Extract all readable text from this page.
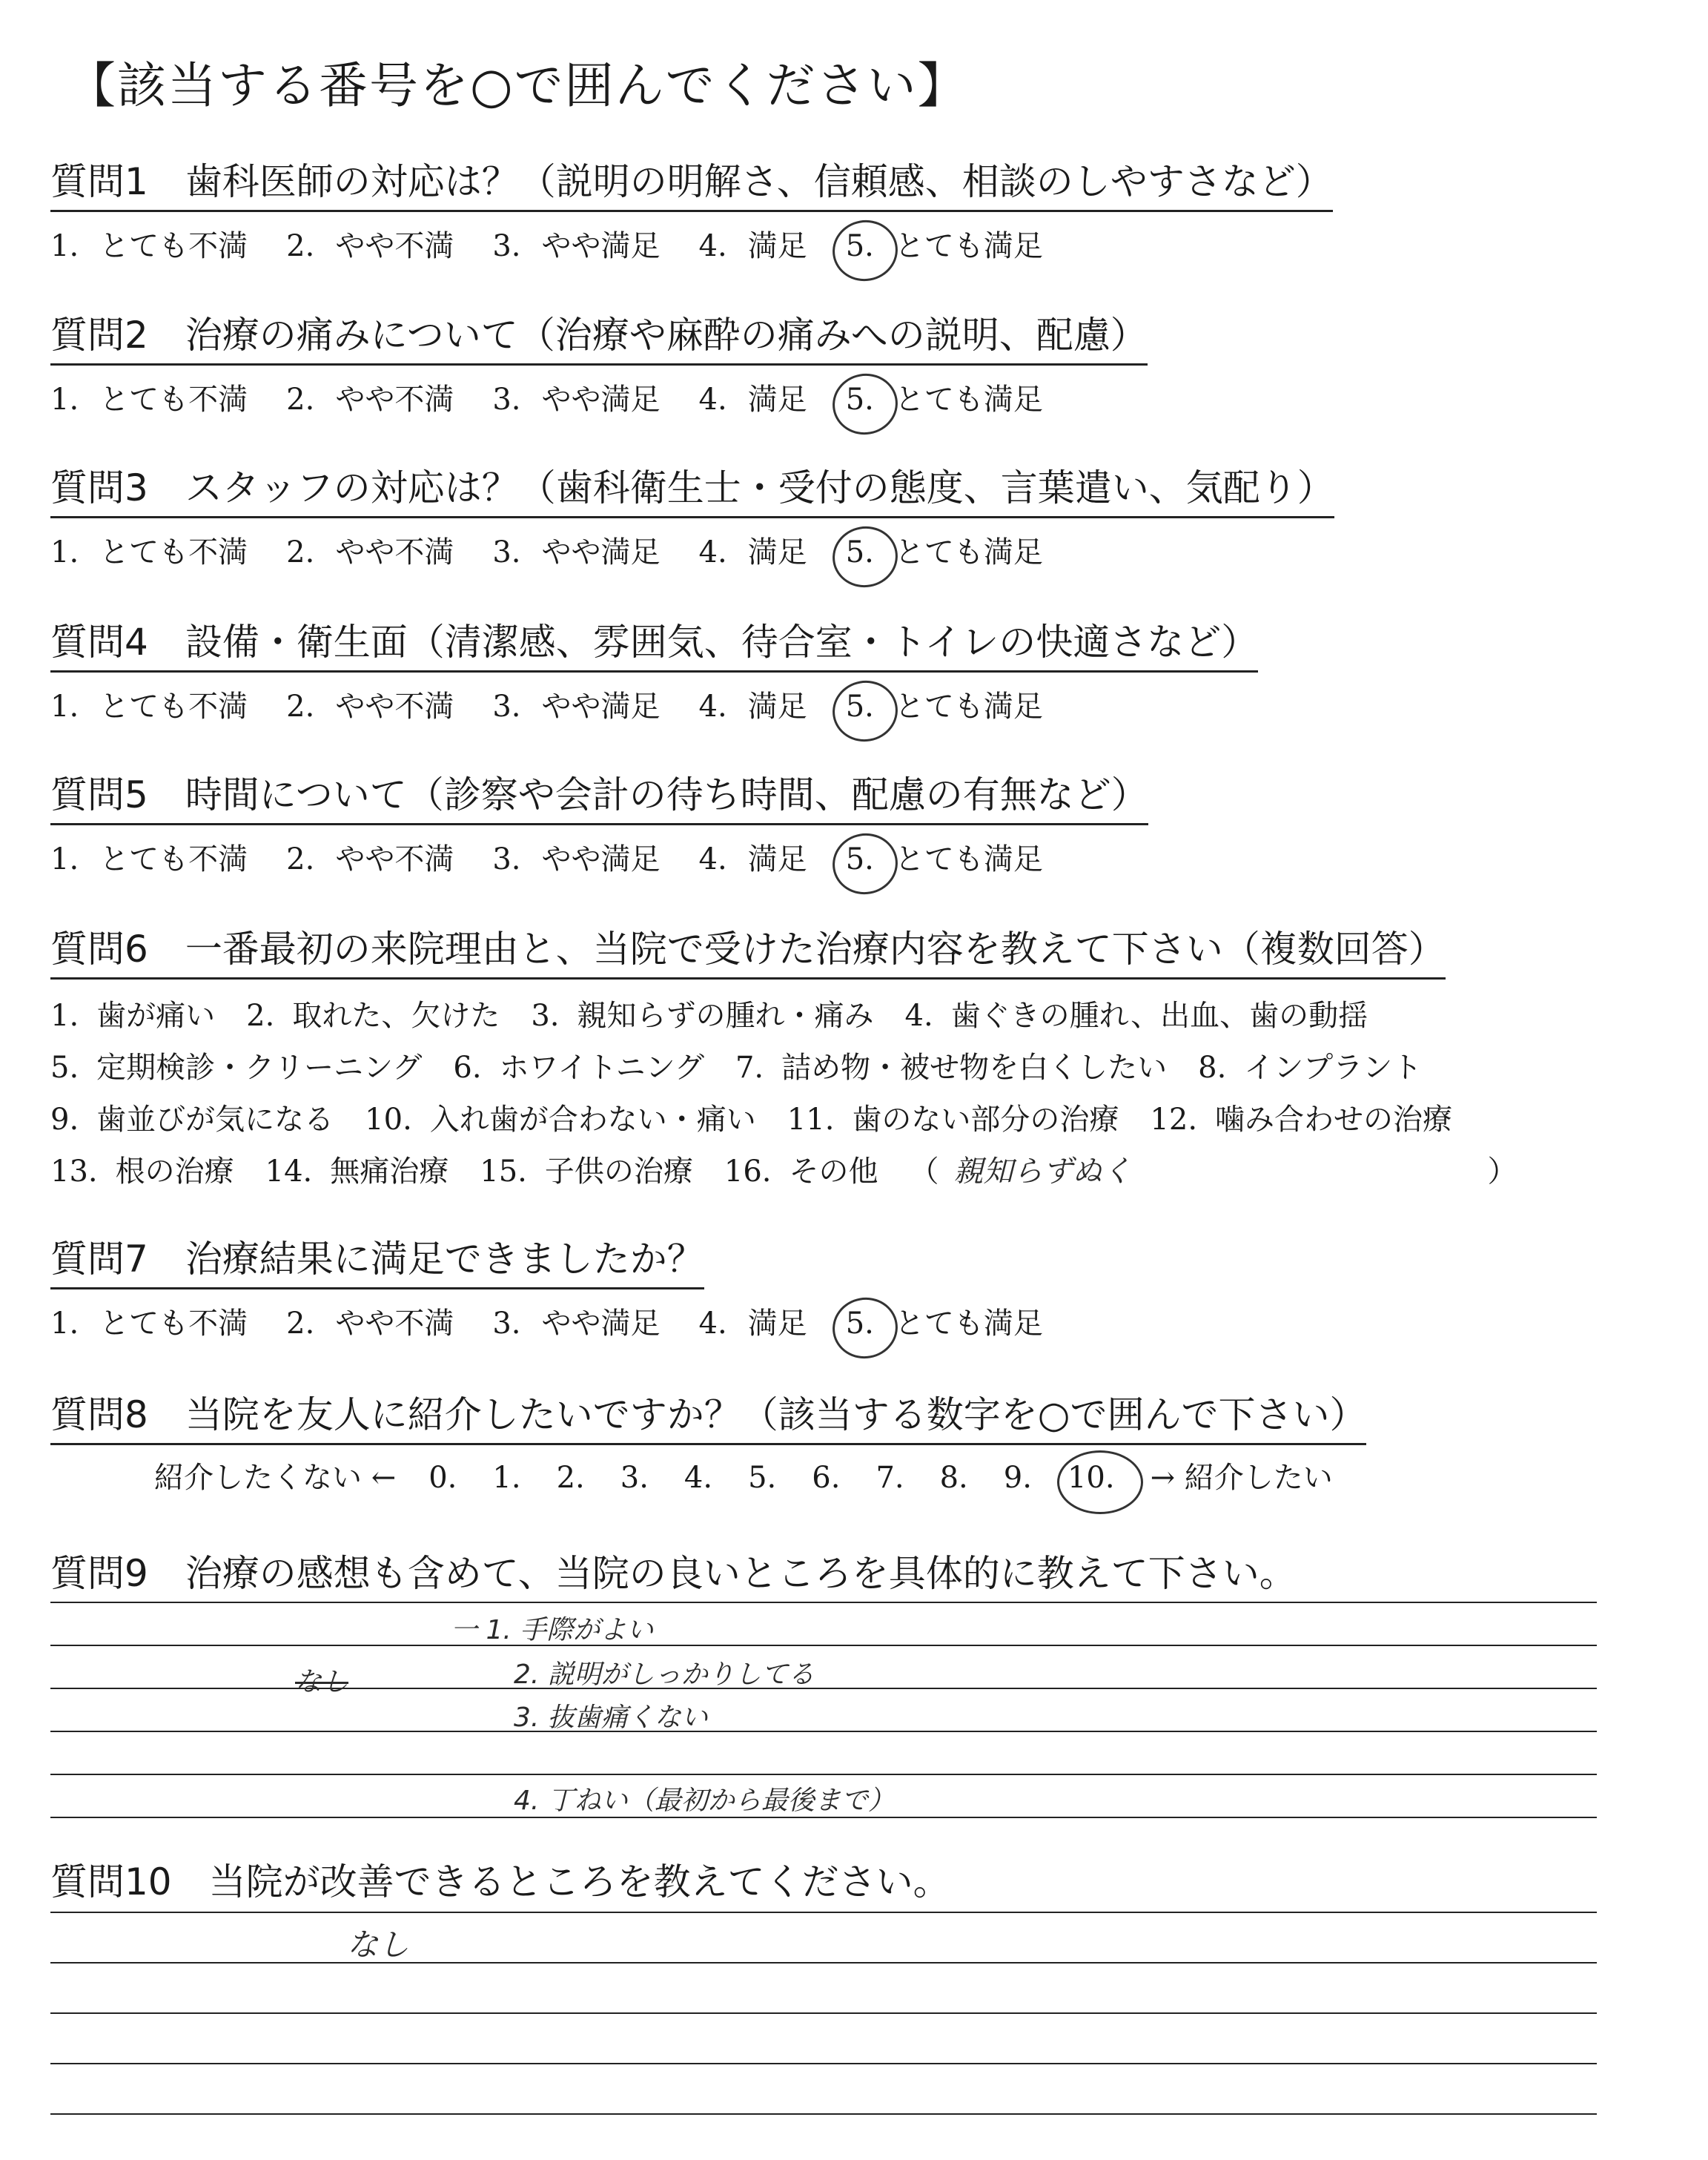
【該当する番号を○で囲んでください】
質問1 歯科医師の対応は？（説明の明解さ、信頼感、相談のしやすさなど）
1. とても不満 2. やや不満 3. やや満足 4. 満足 5. とても満足
質問2 治療の痛みについて（治療や麻酔の痛みへの説明、配慮）
1. とても不満 2. やや不満 3. やや満足 4. 満足 5. とても満足
質問3 スタッフの対応は？（歯科衛生士・受付の態度、言葉遣い、気配り）
1. とても不満 2. やや不満 3. やや満足 4. 満足 5. とても満足
質問4 設備・衛生面（清潔感、雰囲気、待合室・トイレの快適さなど）
1. とても不満 2. やや不満 3. やや満足 4. 満足 5. とても満足
質問5 時間について（診察や会計の待ち時間、配慮の有無など）
1. とても不満 2. やや不満 3. やや満足 4. 満足 5. とても満足
質問6 一番最初の来院理由と、当院で受けた治療内容を教えて下さい（複数回答）
1. 歯が痛い 2. 取れた、欠けた 3. 親知らずの腫れ・痛み 4. 歯ぐきの腫れ、出血、歯の動揺
5. 定期検診・クリーニング 6. ホワイトニング 7. 詰め物・被せ物を白くしたい 8. インプラント
9. 歯並びが気になる 10. 入れ歯が合わない・痛い 11. 歯のない部分の治療 12. 噛み合わせの治療
13. 根の治療 14. 無痛治療 15. 子供の治療 16. その他 （ 親知らずぬく	）
質問7 治療結果に満足できましたか？
1. とても不満 2. やや不満 3. やや満足 4. 満足 5. とても満足
質問8 当院を友人に紹介したいですか？（該当する数字を○で囲んで下さい）
紹介したくない ← 0. 1. 2. 3. 4. 5. 6. 7. 8. 9. 10. → 紹介したい
質問9 治療の感想も含めて、当院の良いところを具体的に教えて下さい。
なし
一 1. 手際がよい
2. 説明がしっかりしてる
3. 抜歯痛くない
4. 丁ねい（最初から最後まで）
質問10 当院が改善できるところを教えてください。
なし
